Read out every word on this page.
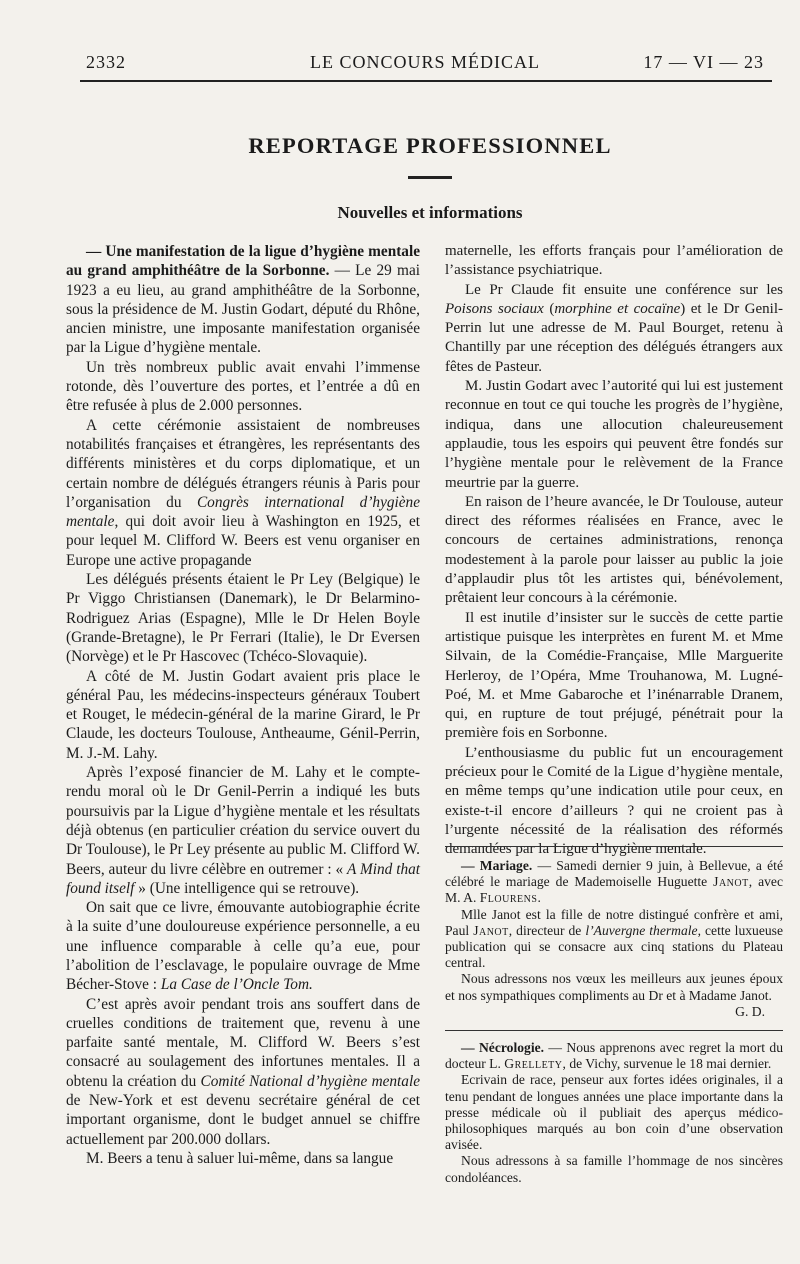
2332	LE CONCOURS MÉDICAL	17 — VI — 23
REPORTAGE PROFESSIONNEL
Nouvelles et informations

— Une manifestation de la ligue d’hygiène mentale au grand amphithéâtre de la Sorbonne. — Le 29 mai 1923 a eu lieu, au grand amphithéâtre de la Sorbonne, sous la présidence de M. Justin Godart, député du Rhône, ancien ministre, une imposante manifestation organisée par la Ligue d’hygiène mentale.

Un très nombreux public avait envahi l’immense rotonde, dès l’ouverture des portes, et l’entrée a dû en être refusée à plus de 2.000 personnes.

A cette cérémonie assistaient de nombreuses notabilités françaises et étrangères, les représentants des différents ministères et du corps diplomatique, et un certain nombre de délégués étrangers réunis à Paris pour l’organisation du Congrès international d’hygiène mentale, qui doit avoir lieu à Washington en 1925, et pour lequel M. Clifford W. Beers est venu organiser en Europe une active propagande

Les délégués présents étaient le Pr Ley (Belgique) le Pr Viggo Christiansen (Danemark), le Dr Belarmino-Rodriguez Arias (Espagne), Mlle le Dr Helen Boyle (Grande-Bretagne), le Pr Ferrari (Italie), le Dr Eversen (Norvège) et le Pr Hascovec (Tchéco-Slovaquie).

A côté de M. Justin Godart avaient pris place le général Pau, les médecins-inspecteurs généraux Toubert et Rouget, le médecin-général de la marine Girard, le Pr Claude, les docteurs Toulouse, Antheaume, Génil-Perrin, M. J.-M. Lahy.

Après l’exposé financier de M. Lahy et le compte-rendu moral où le Dr Genil-Perrin a indiqué les buts poursuivis par la Ligue d’hygiène mentale et les résultats déjà obtenus (en particulier création du service ouvert du Dr Toulouse), le Pr Ley présente au public M. Clifford W. Beers, auteur du livre célèbre en outremer : « A Mind that found itself » (Une intelligence qui se retrouve).

On sait que ce livre, émouvante autobiographie écrite à la suite d’une douloureuse expérience personnelle, a eu une influence comparable à celle qu’a eue, pour l’abolition de l’esclavage, le populaire ouvrage de Mme Bécher-Stove : La Case de l’Oncle Tom.

C’est après avoir pendant trois ans souffert dans de cruelles conditions de traitement que, revenu à une parfaite santé mentale, M. Clifford W. Beers s’est consacré au soulagement des infortunes mentales. Il a obtenu la création du Comité National d’hygiène mentale de New-York et est devenu secrétaire général de cet important organisme, dont le budget annuel se chiffre actuellement par 200.000 dollars.

M. Beers a tenu à saluer lui-même, dans sa langue

maternelle, les efforts français pour l’amélioration de l’assistance psychiatrique.

Le Pr Claude fit ensuite une conférence sur les Poisons sociaux (morphine et cocaïne) et le Dr Genil-Perrin lut une adresse de M. Paul Bourget, retenu à Chantilly par une réception des délégués étrangers aux fêtes de Pasteur.

M. Justin Godart avec l’autorité qui lui est justement reconnue en tout ce qui touche les progrès de l’hygiène, indiqua, dans une allocution chaleureusement applaudie, tous les espoirs qui peuvent être fondés sur l’hygiène mentale pour le relèvement de la France meurtrie par la guerre.

En raison de l’heure avancée, le Dr Toulouse, auteur direct des réformes réalisées en France, avec le concours de certaines administrations, renonça modestement à la parole pour laisser au public la joie d’applaudir plus tôt les artistes qui, bénévolement, prêtaient leur concours à la cérémonie.

Il est inutile d’insister sur le succès de cette partie artistique puisque les interprètes en furent M. et Mme Silvain, de la Comédie-Française, Mlle Marguerite Herleroy, de l’Opéra, Mme Trouhanowa, M. Lugné-Poé, M. et Mme Gabaroche et l’inénarrable Dranem, qui, en rupture de tout préjugé, pénétrait pour la première fois en Sorbonne.

L’enthousiasme du public fut un encouragement précieux pour le Comité de la Ligue d’hygiène mentale, en même temps qu’une indication utile pour ceux, en existe-t-il encore d’ailleurs ? qui ne croient pas à l’urgente nécessité de la réalisation des réformés demandées par la Ligue d’hygiène mentale.

— Mariage. — Samedi dernier 9 juin, à Bellevue, a été célébré le mariage de Mademoiselle Huguette Janot, avec M. A. Flourens.

Mlle Janot est la fille de notre distingué confrère et ami, Paul Janot, directeur de l’Auvergne thermale, cette luxueuse publication qui se consacre aux cinq stations du Plateau central.

Nous adressons nos vœux les meilleurs aux jeunes époux et nos sympathiques compliments au Dr et à Madame Janot.

G. D.

— Nécrologie. — Nous apprenons avec regret la mort du docteur L. Grellety, de Vichy, survenue le 18 mai dernier.

Ecrivain de race, penseur aux fortes idées originales, il a tenu pendant de longues années une place importante dans la presse médicale où il publiait des aperçus médico-philosophiques marqués au bon coin d’une observation avisée.

Nous adressons à sa famille l’hommage de nos sincères condoléances.
